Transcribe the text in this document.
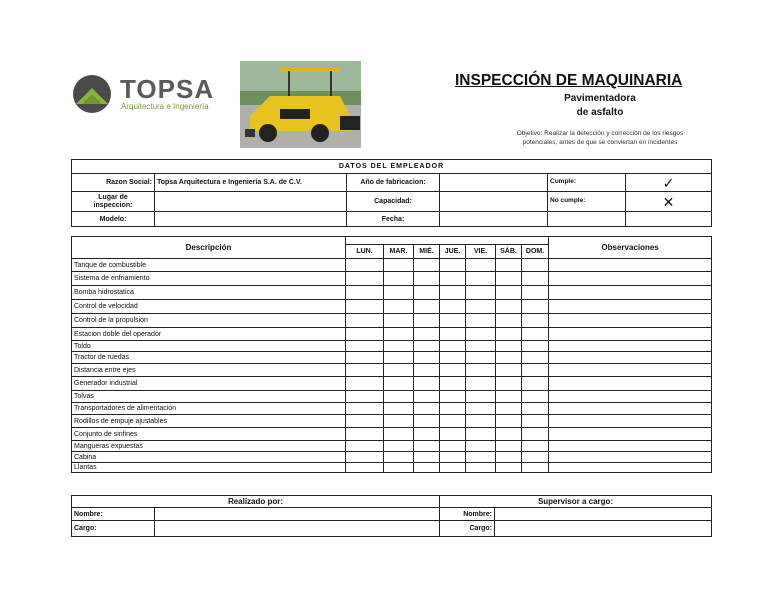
TOPSA
Arquitectura e Ingeniería
INSPECCIÓN DE MAQUINARIA
Pavimentadora
de asfalto
Objetivo: Realizar la detección y corrección de los riesgos
potenciales, antes de que se conviertan en incidentes
DATOS DEL EMPLEADOR					
Razon Social:	Topsa Arquitectura e Ingeniería S.A. de C.V.	Año de fabricacion:		Cumple:	✓
Lugar de
inspeccion:		Capacidad:		No cumple:	✕
Modelo:		Fecha:			
Descripción								Observaciones
	LUN.	MAR.	MIÉ.	JUE.	VIE.	SÁB.	DOM.	
Tanque de combustible								
Sistema de enfriamiento								
Bomba hidrostatica								
Control de velocidad								
Control de la propulsion								
Estacion doble del operador								
Toldo								
Tractor de ruedas								
Distancia entre ejes								
Generador industrial								
Tolvas								
Transportadores de alimentación								
Rodillos de empuje ajustables								
Conjunto de sinfines								
Mangueras expuestas								
Cabina								
Llantas								
Realizado por:		Supervisor a cargo:	
Nombre:		Nombre:	
Cargo:		Cargo:	
